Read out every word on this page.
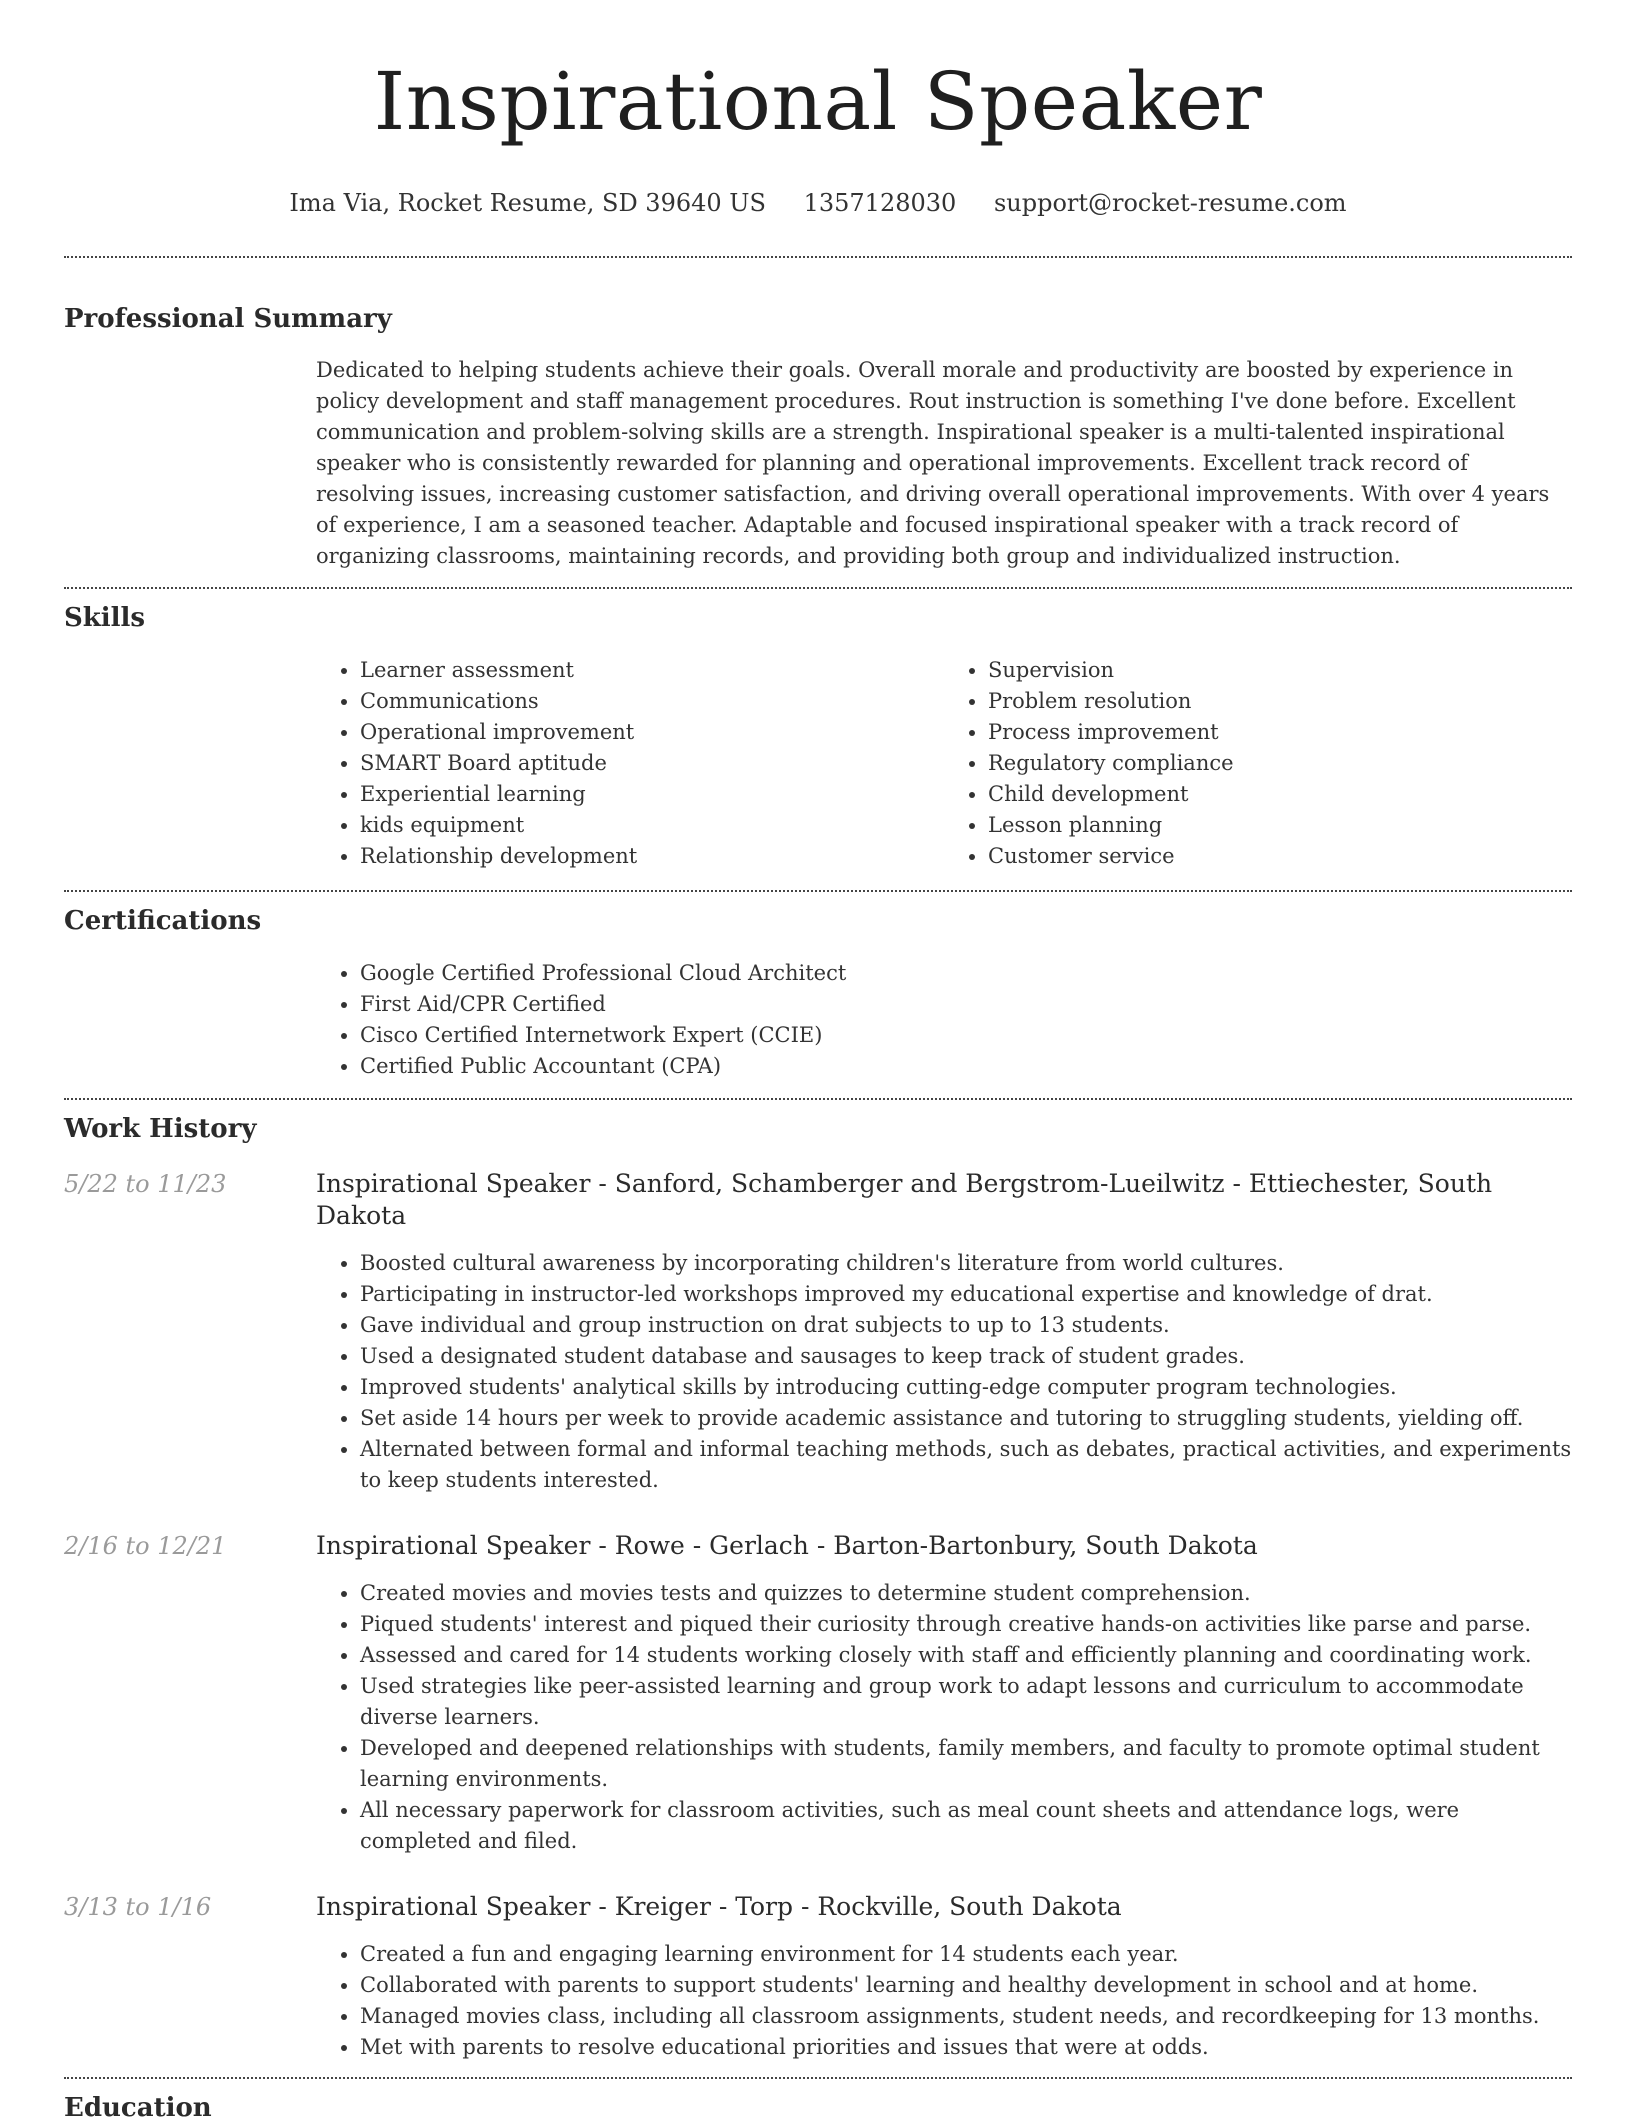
Inspirational Speaker
Ima Via, Rocket Resume, SD 39640 US 1357128030 support@rocket-resume.com
Professional Summary
Dedicated to helping students achieve their goals. Overall morale and productivity are boosted by experience in policy development and staff management procedures. Rout instruction is something I've done before. Excellent communication and problem-solving skills are a strength. Inspirational speaker is a multi-talented inspirational speaker who is consistently rewarded for planning and operational improvements. Excellent track record of resolving issues, increasing customer satisfaction, and driving overall operational improvements. With over 4 years of experience, I am a seasoned teacher. Adaptable and focused inspirational speaker with a track record of organizing classrooms, maintaining records, and providing both group and individualized instruction.
Skills
• Learner assessment
• Communications
• Operational improvement
• SMART Board aptitude
• Experiential learning
• kids equipment
• Relationship development
• Supervision
• Problem resolution
• Process improvement
• Regulatory compliance
• Child development
• Lesson planning
• Customer service
Certifications
• Google Certified Professional Cloud Architect
• First Aid/CPR Certified
• Cisco Certified Internetwork Expert (CCIE)
• Certified Public Accountant (CPA)
Work History
5/22 to 11/23	Inspirational Speaker - Sanford, Schamberger and Bergstrom-Lueilwitz - Ettiechester, South Dakota
• Boosted cultural awareness by incorporating children's literature from world cultures.
• Participating in instructor-led workshops improved my educational expertise and knowledge of drat.
• Gave individual and group instruction on drat subjects to up to 13 students.
• Used a designated student database and sausages to keep track of student grades.
• Improved students' analytical skills by introducing cutting-edge computer program technologies.
• Set aside 14 hours per week to provide academic assistance and tutoring to struggling students, yielding off.
• Alternated between formal and informal teaching methods, such as debates, practical activities, and experiments to keep students interested.
2/16 to 12/21	Inspirational Speaker - Rowe - Gerlach - Barton-Bartonbury, South Dakota
• Created movies and movies tests and quizzes to determine student comprehension.
• Piqued students' interest and piqued their curiosity through creative hands-on activities like parse and parse.
• Assessed and cared for 14 students working closely with staff and efficiently planning and coordinating work.
• Used strategies like peer-assisted learning and group work to adapt lessons and curriculum to accommodate diverse learners.
• Developed and deepened relationships with students, family members, and faculty to promote optimal student learning environments.
• All necessary paperwork for classroom activities, such as meal count sheets and attendance logs, were completed and filed.
3/13 to 1/16	Inspirational Speaker - Kreiger - Torp - Rockville, South Dakota
• Created a fun and engaging learning environment for 14 students each year.
• Collaborated with parents to support students' learning and healthy development in school and at home.
• Managed movies class, including all classroom assignments, student needs, and recordkeeping for 13 months.
• Met with parents to resolve educational priorities and issues that were at odds.
Education
